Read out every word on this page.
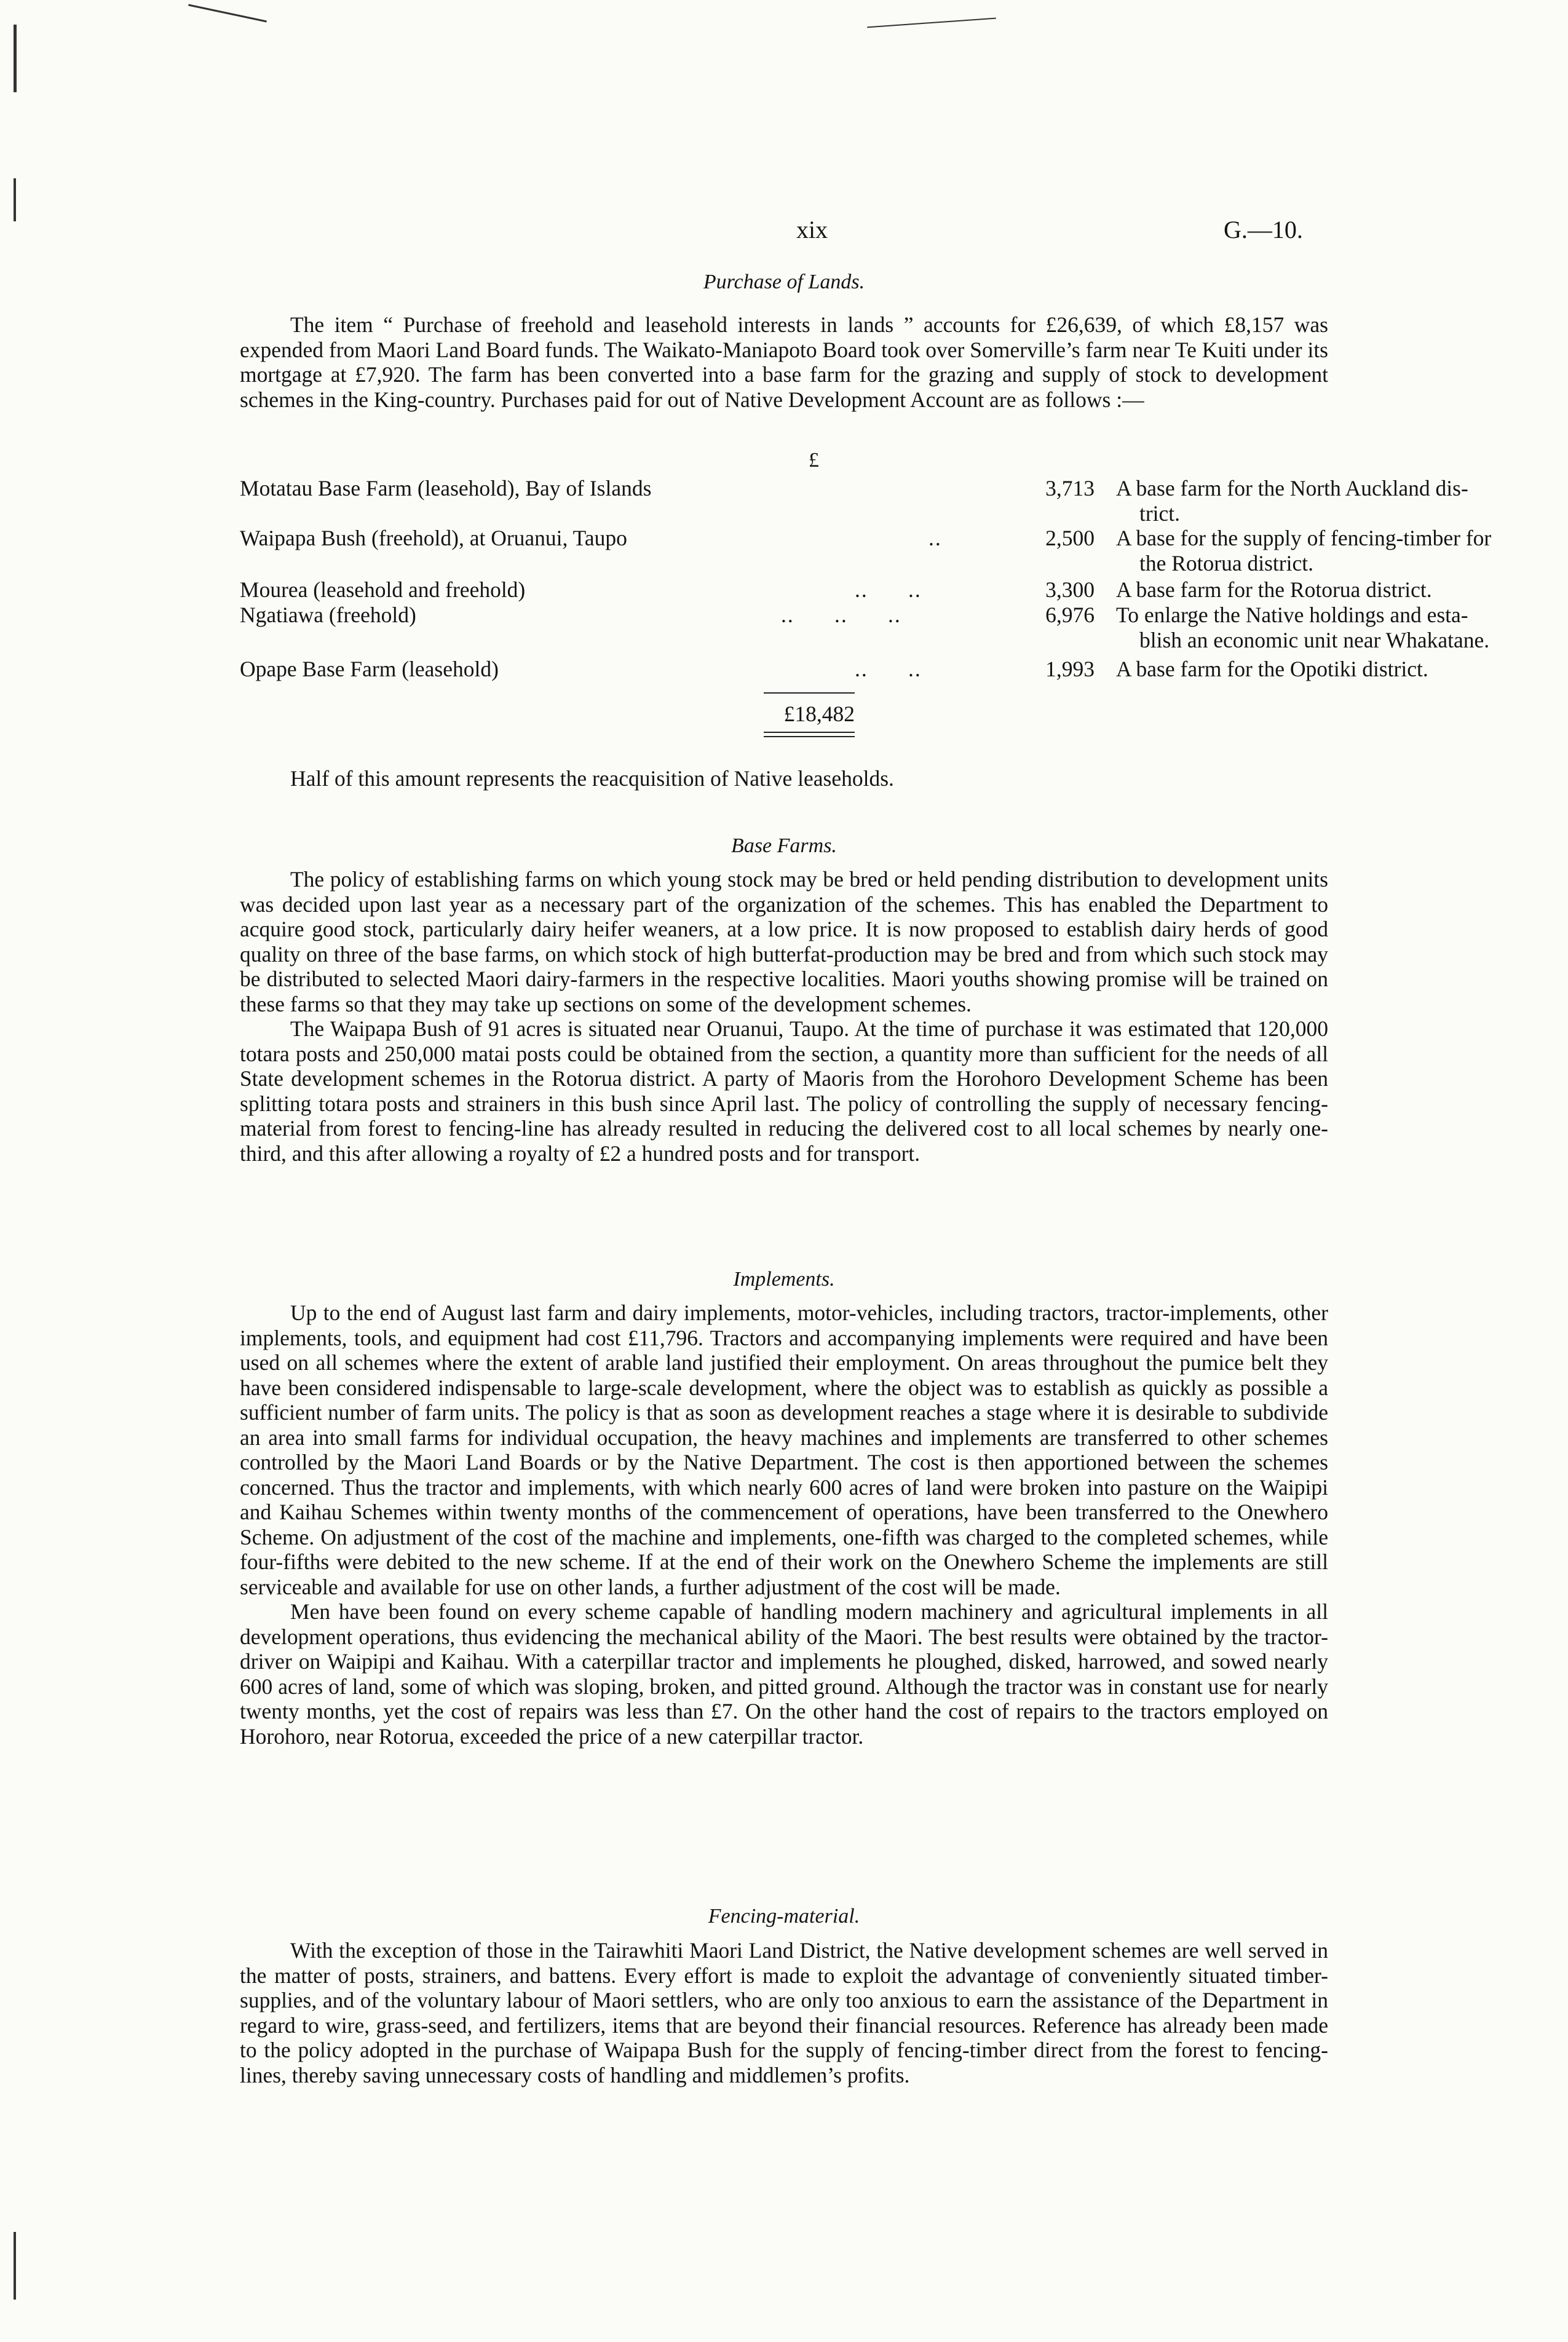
xix	G.—10.
Purchase of Lands.

The item “ Purchase of freehold and leasehold interests in lands ” accounts for £26,639, of which £8,157 was expended from Maori Land Board funds. The Waikato-Maniapoto Board took over Somerville’s farm near Te Kuiti under its mortgage at £7,920. The farm has been converted into a base farm for the grazing and supply of stock to development schemes in the King-country. Purchases paid for out of Native Development Account are as follows :—

£
Motatau Base Farm (leasehold), Bay of Islands	3,713 A base farm for the North Auckland dis-
trict.
Waipapa Bush (freehold), at Oruanui, Taupo	..	2,500 A base for the supply of fencing-timber for
the Rotorua district.
Mourea (leasehold and freehold)	..      ..	3,300 A base farm for the Rotorua district.
Ngatiawa (freehold)	..      ..      ..	6,976 To enlarge the Native holdings and esta-
blish an economic unit near Whakatane.
Opape Base Farm (leasehold)	..      ..	1,993 A base farm for the Opotiki district.
£18,482
Half of this amount represents the reacquisition of Native leaseholds.
Base Farms.

The policy of establishing farms on which young stock may be bred or held pending distribution to development units was decided upon last year as a necessary part of the organization of the schemes. This has enabled the Department to acquire good stock, particularly dairy heifer weaners, at a low price. It is now proposed to establish dairy herds of good quality on three of the base farms, on which stock of high butterfat-production may be bred and from which such stock may be distributed to selected Maori dairy-farmers in the respective localities. Maori youths showing promise will be trained on these farms so that they may take up sections on some of the development schemes.

The Waipapa Bush of 91 acres is situated near Oruanui, Taupo. At the time of purchase it was estimated that 120,000 totara posts and 250,000 matai posts could be obtained from the section, a quantity more than sufficient for the needs of all State development schemes in the Rotorua district. A party of Maoris from the Horohoro Development Scheme has been splitting totara posts and strainers in this bush since April last. The policy of controlling the supply of necessary fencing-material from forest to fencing-line has already resulted in reducing the delivered cost to all local schemes by nearly one-third, and this after allowing a royalty of £2 a hundred posts and for transport.

Implements.

Up to the end of August last farm and dairy implements, motor-vehicles, including tractors, tractor-implements, other implements, tools, and equipment had cost £11,796. Tractors and accompanying implements were required and have been used on all schemes where the extent of arable land justified their employment. On areas throughout the pumice belt they have been considered indispensable to large-scale development, where the object was to establish as quickly as possible a sufficient number of farm units. The policy is that as soon as development reaches a stage where it is desirable to subdivide an area into small farms for individual occupation, the heavy machines and implements are transferred to other schemes controlled by the Maori Land Boards or by the Native Department. The cost is then apportioned between the schemes concerned. Thus the tractor and implements, with which nearly 600 acres of land were broken into pasture on the Waipipi and Kaihau Schemes within twenty months of the commencement of operations, have been transferred to the Onewhero Scheme. On adjustment of the cost of the machine and implements, one-fifth was charged to the completed schemes, while four-fifths were debited to the new scheme. If at the end of their work on the Onewhero Scheme the implements are still serviceable and available for use on other lands, a further adjustment of the cost will be made.

Men have been found on every scheme capable of handling modern machinery and agricultural implements in all development operations, thus evidencing the mechanical ability of the Maori. The best results were obtained by the tractor-driver on Waipipi and Kaihau. With a caterpillar tractor and implements he ploughed, disked, harrowed, and sowed nearly 600 acres of land, some of which was sloping, broken, and pitted ground. Although the tractor was in constant use for nearly twenty months, yet the cost of repairs was less than £7. On the other hand the cost of repairs to the tractors employed on Horohoro, near Rotorua, exceeded the price of a new caterpillar tractor.

Fencing-material.

With the exception of those in the Tairawhiti Maori Land District, the Native development schemes are well served in the matter of posts, strainers, and battens. Every effort is made to exploit the advantage of conveniently situated timber-supplies, and of the voluntary labour of Maori settlers, who are only too anxious to earn the assistance of the Department in regard to wire, grass-seed, and fertilizers, items that are beyond their financial resources. Reference has already been made to the policy adopted in the purchase of Waipapa Bush for the supply of fencing-timber direct from the forest to fencing-lines, thereby saving unnecessary costs of handling and middlemen’s profits.
